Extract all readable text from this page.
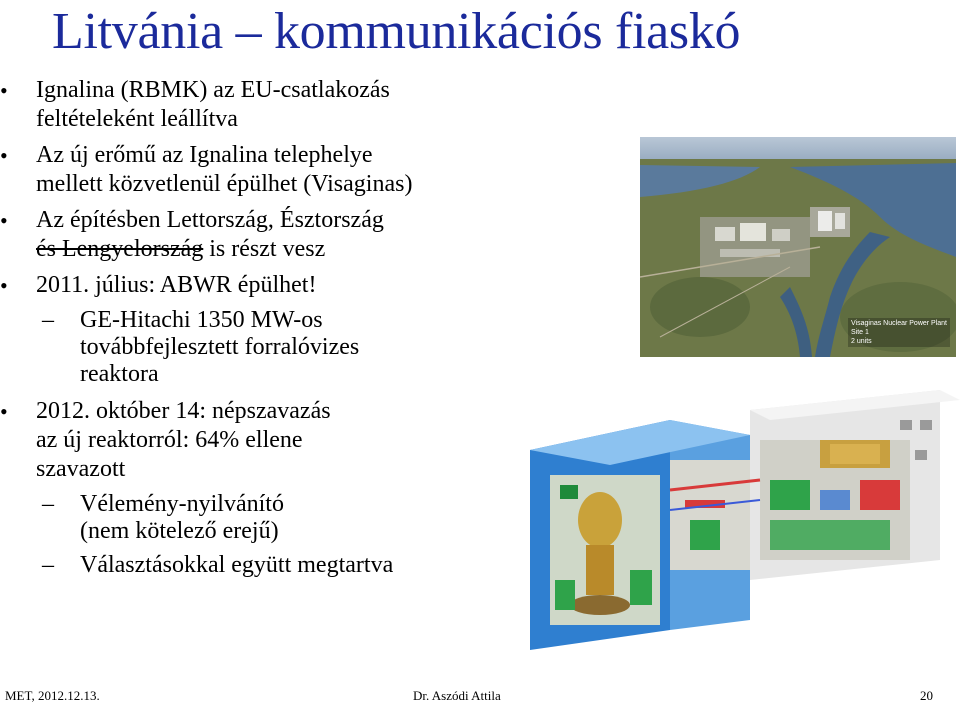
Litvánia – kommunikációs fiaskó
• Ignalina (RBMK) az EU-csatlakozás
feltételeként leállítva
• Az új erőmű az Ignalina telephelye
mellett közvetlenül épülhet (Visaginas)
• Az építésben Lettország, Észtország
és Lengyelország is részt vesz
• 2011. július: ABWR épülhet!
– GE-Hitachi 1350 MW-os
továbbfejlesztett forralóvizes
reaktora
• 2012. október 14: népszavazás
az új reaktorról: 64% ellene
szavazott
– Vélemény-nyilvánító
(nem kötelező erejű)
– Választásokkal együtt megtartva
Visaginas Nuclear Power Plant
Site 1
2 units
MET, 2012.12.13.	Dr. Aszódi Attila	20
